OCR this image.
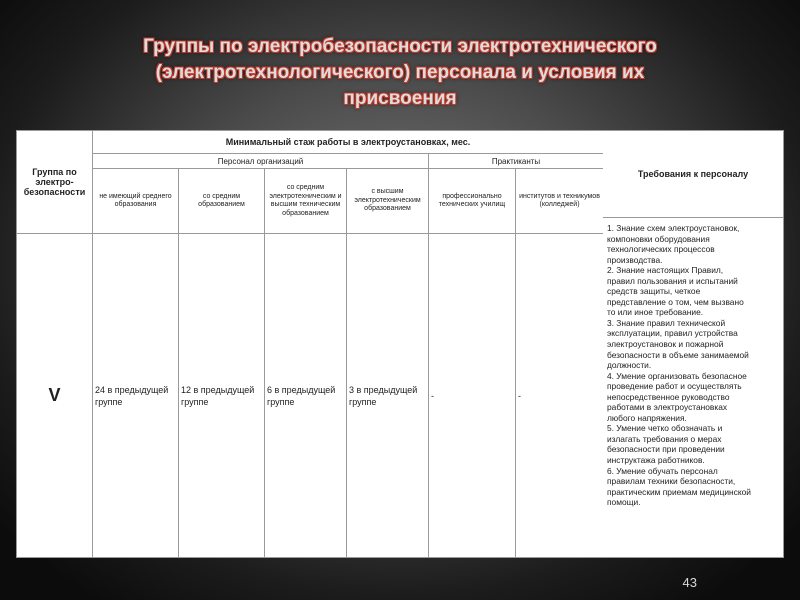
Группы по электробезопасности электротехнического
(электротехнологического) персонала и условия их
присвоения
Группа по электро-безопасности	Минимальный стаж работы в электроустановках, мес.					
	Персонал организаций				Практиканты	
	не имеющий среднего образования	со средним образованием	со средним электротехническим и высшим техническим образованием	с высшим электротехническим образованием	профессионально технических училищ	институтов и техникумов (колледжей)
V	24 в предыдущей группе	12 в предыдущей группе	6 в предыдущей группе	3 в предыдущей группе	-	-
Требования к персоналу
1. Знание схем электроустановок,
компоновки оборудования
технологических процессов
производства.
2. Знание настоящих Правил,
правил пользования и испытаний
средств защиты, четкое
представление о том, чем вызвано
то или иное требование.
3. Знание правил технической
эксплуатации, правил устройства
электроустановок и пожарной
безопасности в объеме занимаемой
должности.
4. Умение организовать безопасное
проведение работ и осуществлять
непосредственное руководство
работами в электроустановках
любого напряжения.
5. Умение четко обозначать и
излагать требования о мерах
безопасности при проведении
инструктажа работников.
6. Умение обучать персонал
правилам техники безопасности,
практическим приемам медицинской
помощи.
43
